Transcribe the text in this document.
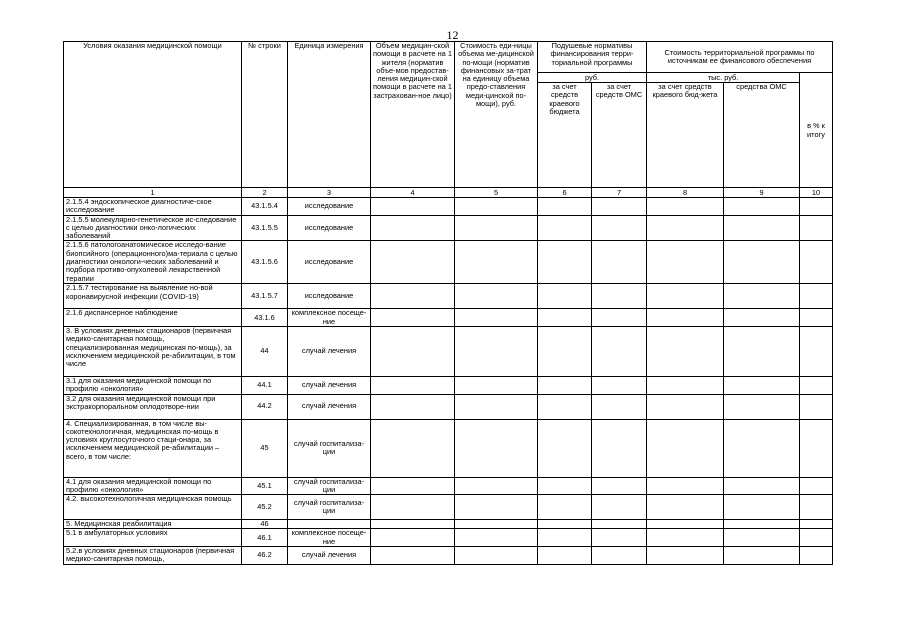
12
Условия оказания медицинской помощи	№ строки	Единица измерения	Объем медицин-ской помощи в расчете на 1 жителя (норматив объе-мов предостав-ления медицин-ской помощи в расчете на 1 застрахован-ное лицо)	Стоимость еди-ницы объема ме-дицинской по-мощи (норматив финансовых за-трат на единицу объема предо-ставления меди-цинской по-мощи), руб.	Подушевые нормативы финансирования терри-ториальной программы		Стоимость территориальной программы по источникам ее финансового обеспечения		
					руб.		тыс. руб.		в % к итогу
					за счет средств краевого бюджета	за счет средств ОМС	за счет средств краевого бюд-жета	средства ОМС	
1	2	3	4	5	6	7	8	9	10
2.1.5.4 эндоскопическое диагностиче-ское исследование	43.1.5.4	исследование							
2.1.5.5 молекулярно-генетическое ис-следование с целью диагностики онко-логических заболеваний	43.1.5.5	исследование							
2.1.5.6 патологоанатомическое исследо-вание биопсийного (операционного)ма-териала с целью диагностики онкологи-ческих заболеваний и подбора противо-опухолевой лекарственной терапии	43.1.5.6	исследование							
2.1.5.7 тестирование на выявление но-вой коронавирусной инфекции (COVID-19)	43.1.5.7	исследование							
2.1.6 диспансерное наблюдение	43.1.6	комплексное посеще-ние							
3. В условиях дневных стационаров (первичная медико-санитарная помощь, специализированная медицинская по-мощь), за исключением медицинской ре-абилитации, в том числе	44	случай лечения							
3.1 для оказания медицинской помощи по профилю «онкология»	44.1	случай лечения							
3.2 для оказания медицинской помощи при экстракорпоральном оплодотворе-нии	44.2	случай лечения							
4. Специализированная, в том числе вы-сокотехнологичная, медицинская по-мощь в условиях круглосуточного стаци-онара, за исключением медицинской ре-абилитации – всего, в том числе:	45	случай госпитализа-ции							
4.1 для оказания медицинской помощи по профилю «онкология»	45.1	случай госпитализа-ции							
4.2. высокотехнологичная медицинская помощь	45.2	случай госпитализа-ции							
5. Медицинская реабилитация	46								
5.1 в амбулаторных условиях	46.1	комплексное посеще-ние							
5.2.в условиях дневных стационаров (первичная медико-санитарная помощь,	46.2	случай лечения							
